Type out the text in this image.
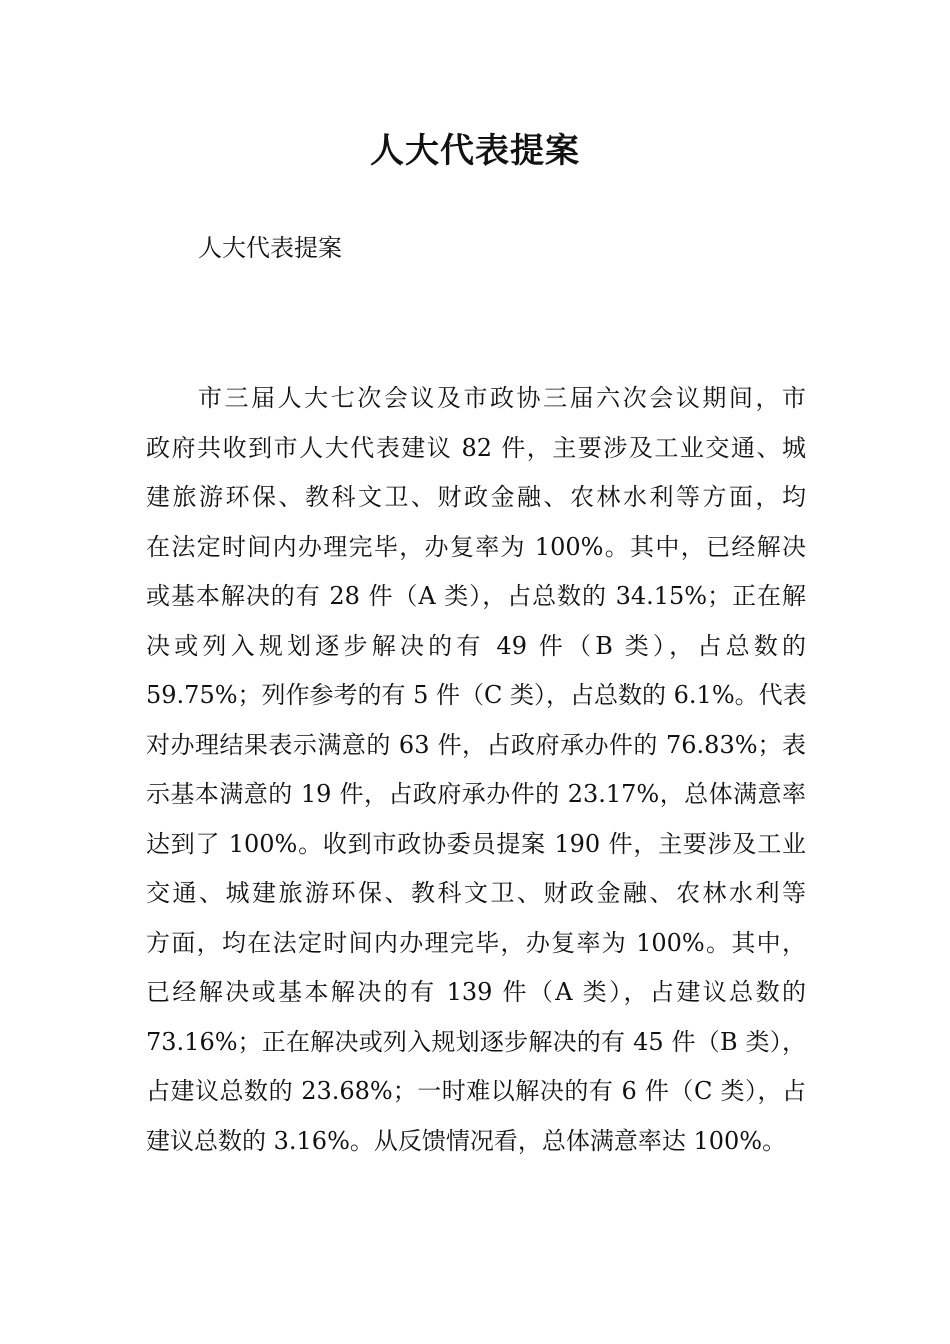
人大代表提案
人大代表提案
市三届人大七次会议及市政协三届六次会议期间，市
政府共收到市人大代表建议 82 件，主要涉及工业交通、城
建旅游环保、教科文卫、财政金融、农林水利等方面，均
在法定时间内办理完毕，办复率为 100%。其中，已经解决
或基本解决的有 28 件（A 类），占总数的 34.15%；正在解
决或列入规划逐步解决的有 49 件（B 类），占总数的
59.75%；列作参考的有 5 件（C 类），占总数的 6.1%。代表
对办理结果表示满意的 63 件，占政府承办件的 76.83%；表
示基本满意的 19 件，占政府承办件的 23.17%，总体满意率
达到了 100%。收到市政协委员提案 190 件，主要涉及工业
交通、城建旅游环保、教科文卫、财政金融、农林水利等
方面，均在法定时间内办理完毕，办复率为 100%。其中，
已经解决或基本解决的有 139 件（A 类），占建议总数的
73.16%；正在解决或列入规划逐步解决的有 45 件（B 类），
占建议总数的 23.68%；一时难以解决的有 6 件（C 类），占
建议总数的 3.16%。从反馈情况看，总体满意率达 100%。
